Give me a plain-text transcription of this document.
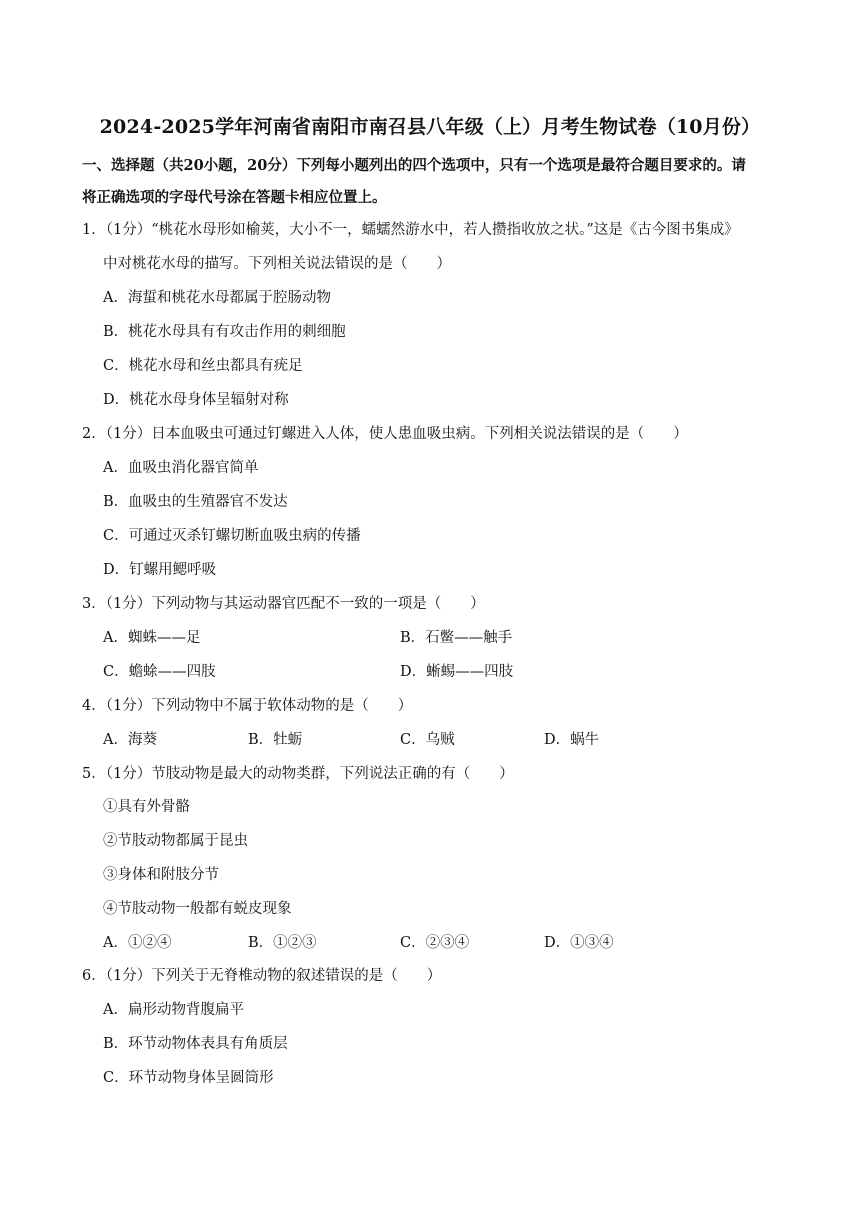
2024-2025学年河南省南阳市南召县八年级（上）月考生物试卷（10月份）
一、选择题（共20小题，20分）下列每小题列出的四个选项中，只有一个选项是最符合题目要求的。请
将正确选项的字母代号涂在答题卡相应位置上。
1．（1分）“桃花水母形如榆荚，大小不一，蠕蠕然游水中，若人攒指收放之状。”这是《古今图书集成》
中对桃花水母的描写。下列相关说法错误的是（　　）
A．海蜇和桃花水母都属于腔肠动物
B．桃花水母具有有攻击作用的刺细胞
C．桃花水母和丝虫都具有疣足
D．桃花水母身体呈辐射对称
2．（1分）日本血吸虫可通过钉螺进入人体，使人患血吸虫病。下列相关说法错误的是（　　）
A．血吸虫消化器官简单
B．血吸虫的生殖器官不发达
C．可通过灭杀钉螺切断血吸虫病的传播
D．钉螺用鳃呼吸
3．（1分）下列动物与其运动器官匹配不一致的一项是（　　）
A．蜘蛛——足	B．石鳖——触手
C．蟾蜍——四肢	D．蜥蜴——四肢
4．（1分）下列动物中不属于软体动物的是（　　）
A．海葵	B．牡蛎	C．乌贼	D．蜗牛
5．（1分）节肢动物是最大的动物类群，下列说法正确的有（　　）
①具有外骨骼
②节肢动物都属于昆虫
③身体和附肢分节
④节肢动物一般都有蜕皮现象
A．①②④	B．①②③	C．②③④	D．①③④
6．（1分）下列关于无脊椎动物的叙述错误的是（　　）
A．扁形动物背腹扁平
B．环节动物体表具有角质层
C．环节动物身体呈圆筒形
